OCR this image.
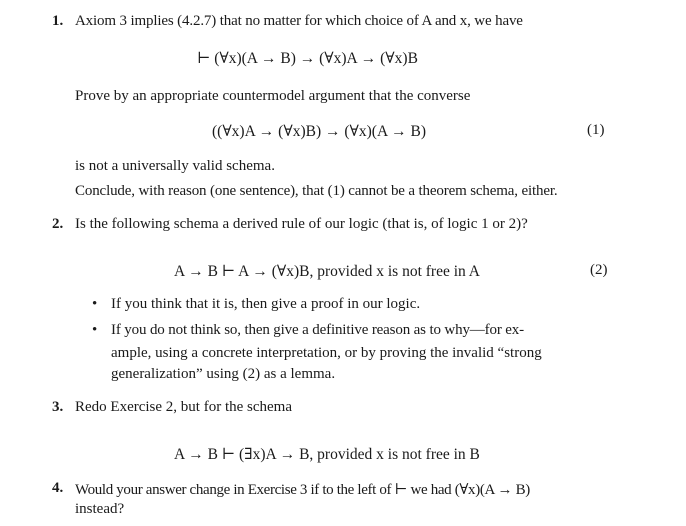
1. Axiom 3 implies (4.2.7) that no matter for which choice of A and x, we have
⊢ (∀x)(A → B) → (∀x)A → (∀x)B
Prove by an appropriate countermodel argument that the converse
((∀x)A → (∀x)B) → (∀x)(A → B)	(1)
is not a universally valid schema.
Conclude, with reason (one sentence), that (1) cannot be a theorem schema, either.
2. Is the following schema a derived rule of our logic (that is, of logic 1 or 2)?
A → B ⊢ A → (∀x)B, provided x is not free in A	(2)
• If you think that it is, then give a proof in our logic.
• If you do not think so, then give a definitive reason as to why—for ex-
ample, using a concrete interpretation, or by proving the invalid “strong
generalization” using (2) as a lemma.
3. Redo Exercise 2, but for the schema
A → B ⊢ (∃x)A → B, provided x is not free in B
4. Would your answer change in Exercise 3 if to the left of ⊢ we had (∀x)(A → B)
instead?
